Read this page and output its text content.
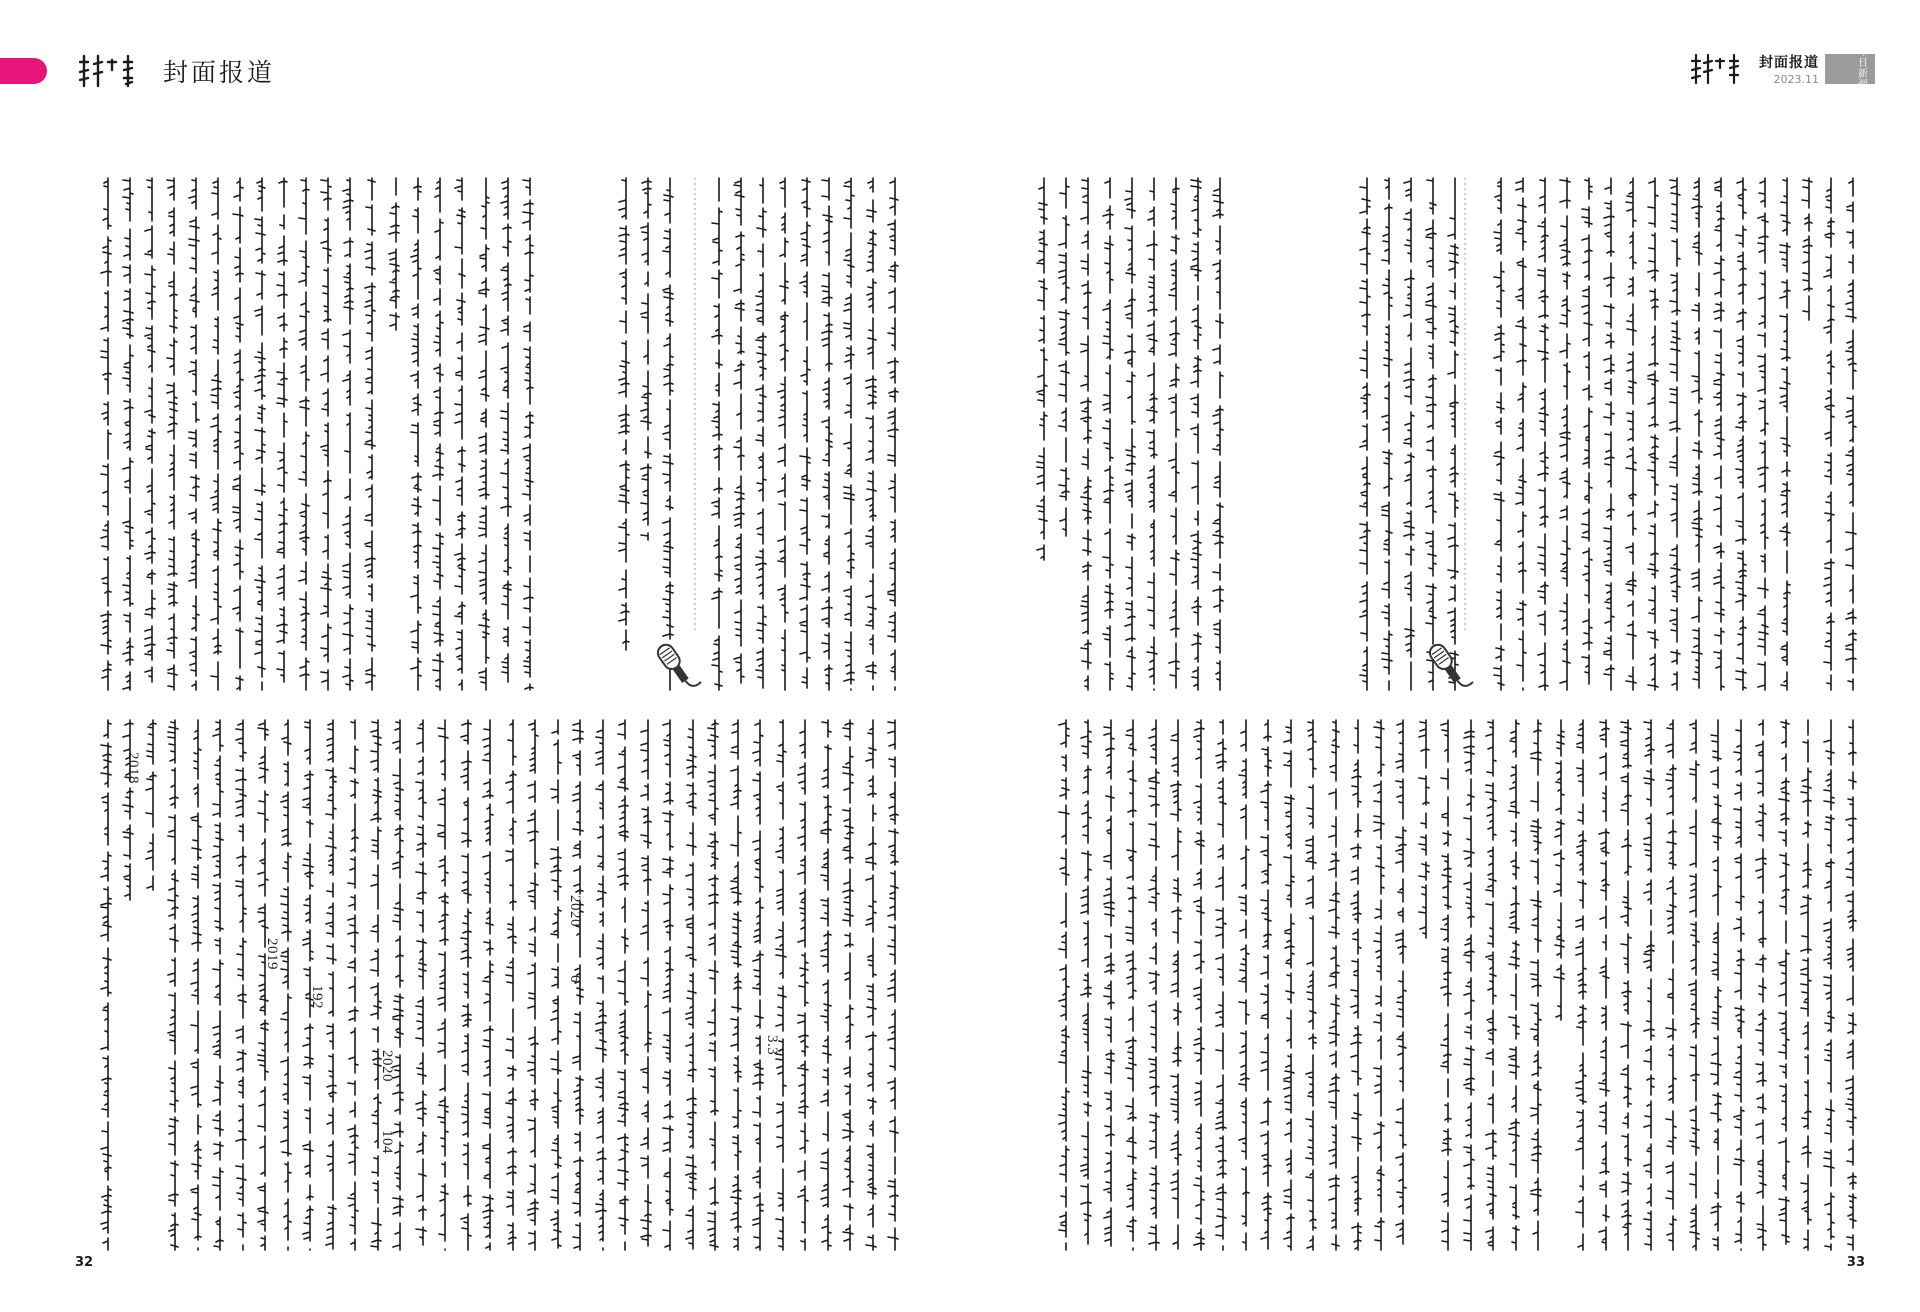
封面报道	封面报道
2023.11
今日新疆
3.3
2020
6
104
2020
192
2019
2018
32	33
